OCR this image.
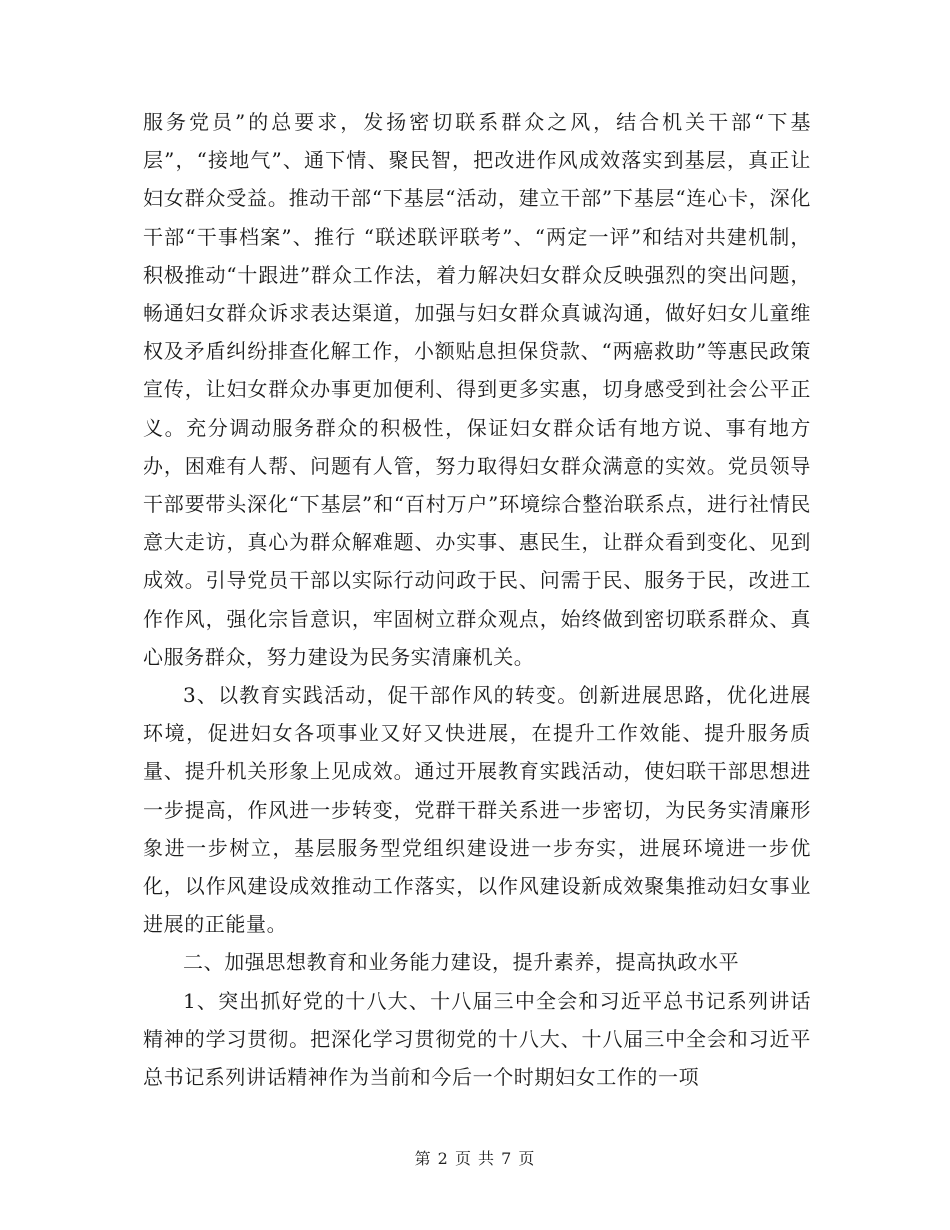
服务党员”的总要求，发扬密切联系群众之风，结合机关干部“下基层”，“接地气”、通下情、聚民智，把改进作风成效落实到基层，真正让妇女群众受益。推动干部“下基层“活动，建立干部”下基层“连心卡，深化干部“干事档案”、推行 “联述联评联考”、“两定一评”和结对共建机制，积极推动“十跟进”群众工作法，着力解决妇女群众反映强烈的突出问题，畅通妇女群众诉求表达渠道，加强与妇女群众真诚沟通，做好妇女儿童维权及矛盾纠纷排查化解工作，小额贴息担保贷款、“两癌救助”等惠民政策宣传，让妇女群众办事更加便利、得到更多实惠，切身感受到社会公平正义。充分调动服务群众的积极性，保证妇女群众话有地方说、事有地方办，困难有人帮、问题有人管，努力取得妇女群众满意的实效。党员领导干部要带头深化“下基层”和“百村万户”环境综合整治联系点，进行社情民意大走访，真心为群众解难题、办实事、惠民生，让群众看到变化、见到成效。引导党员干部以实际行动问政于民、问需于民、服务于民，改进工作作风，强化宗旨意识，牢固树立群众观点，始终做到密切联系群众、真心服务群众，努力建设为民务实清廉机关。

3、以教育实践活动，促干部作风的转变。创新进展思路，优化进展环境，促进妇女各项事业又好又快进展，在提升工作效能、提升服务质量、提升机关形象上见成效。通过开展教育实践活动，使妇联干部思想进一步提高，作风进一步转变，党群干群关系进一步密切，为民务实清廉形象进一步树立，基层服务型党组织建设进一步夯实，进展环境进一步优化，以作风建设成效推动工作落实，以作风建设新成效聚集推动妇女事业进展的正能量。

二、加强思想教育和业务能力建设，提升素养，提高执政水平

1、突出抓好党的十八大、十八届三中全会和习近平总书记系列讲话精神的学习贯彻。把深化学习贯彻党的十八大、十八届三中全会和习近平总书记系列讲话精神作为当前和今后一个时期妇女工作的一项

第 2 页 共 7 页
